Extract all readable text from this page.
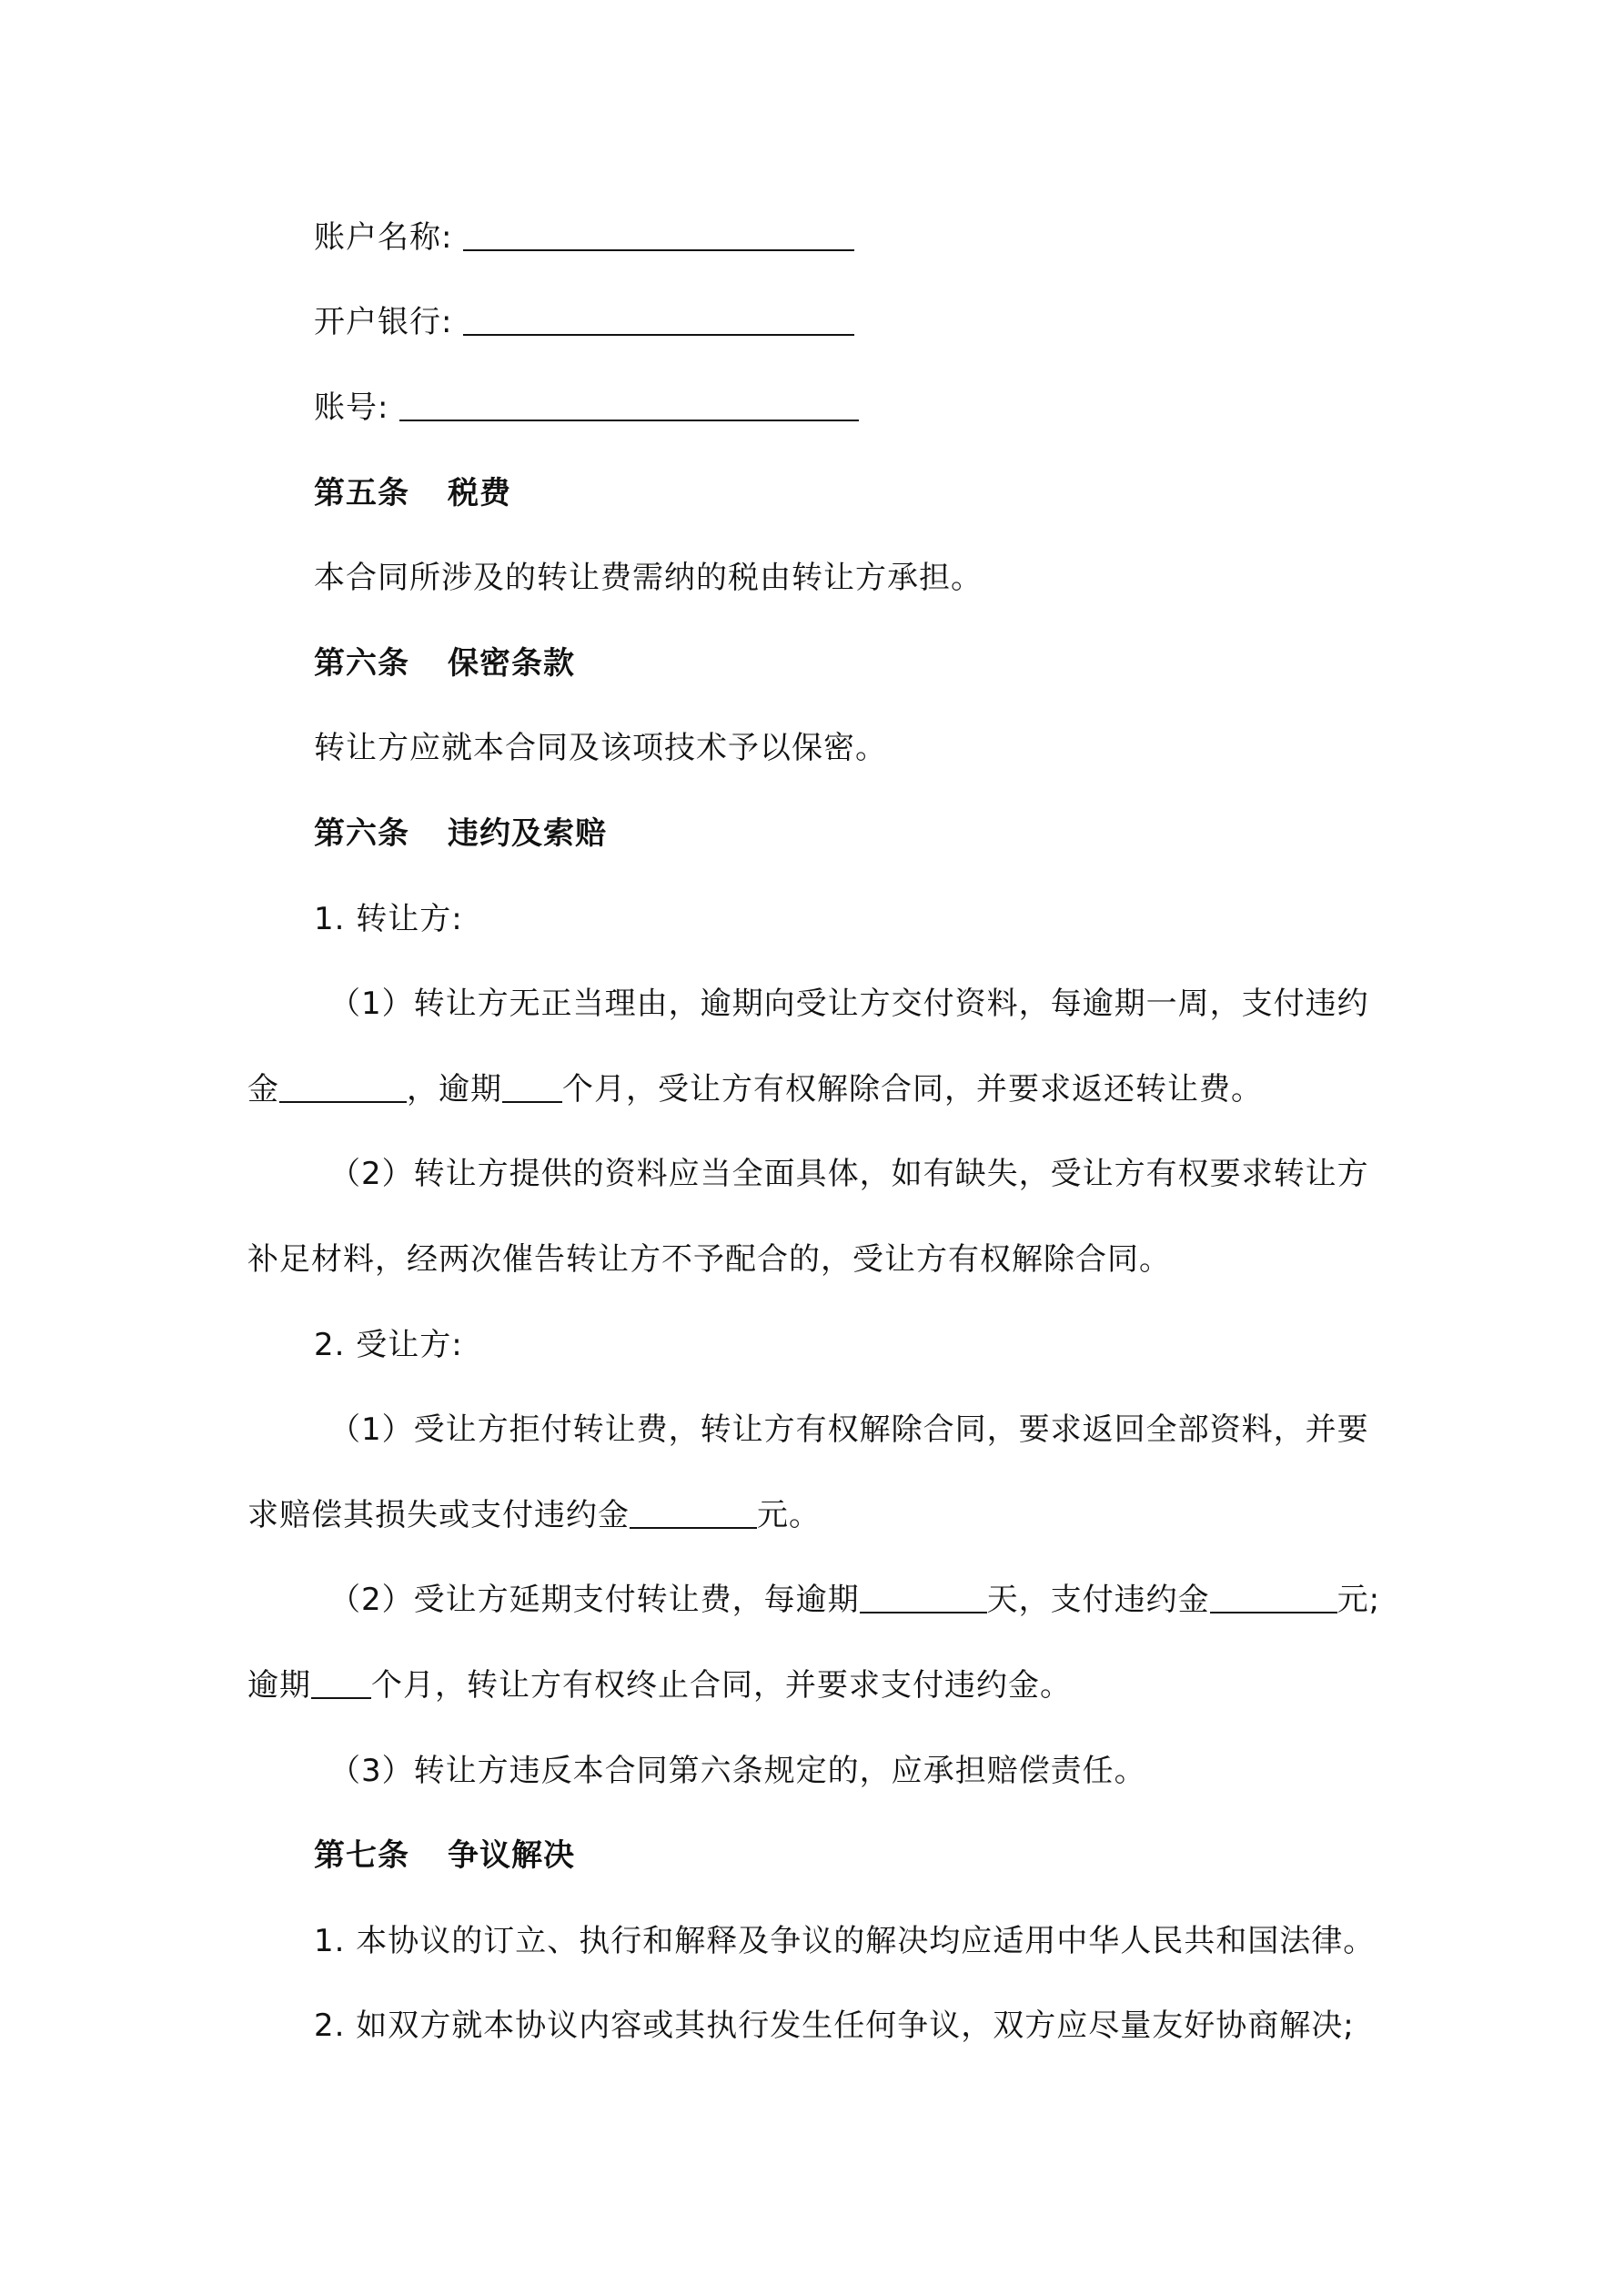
账户名称:
开户银行:
账号:
第五条 税费
本合同所涉及的转让费需纳的税由转让方承担。
第六条 保密条款
转让方应就本合同及该项技术予以保密。
第六条 违约及索赔
1. 转让方:
（1）转让方无正当理由，逾期向受让方交付资料，每逾期一周，支付违约
金	，逾期 个月，受让方有权解除合同，并要求返还转让费。
（2）转让方提供的资料应当全面具体，如有缺失，受让方有权要求转让方
补足材料，经两次催告转让方不予配合的，受让方有权解除合同。
2. 受让方:
（1）受让方拒付转让费，转让方有权解除合同，要求返回全部资料，并要
求赔偿其损失或支付违约金	元。
（2）受让方延期支付转让费，每逾期	天，支付违约金	元;
逾期 个月，转让方有权终止合同，并要求支付违约金。
（3）转让方违反本合同第六条规定的，应承担赔偿责任。
第七条 争议解决
1. 本协议的订立、执行和解释及争议的解决均应适用中华人民共和国法律。
2. 如双方就本协议内容或其执行发生任何争议，双方应尽量友好协商解决;
